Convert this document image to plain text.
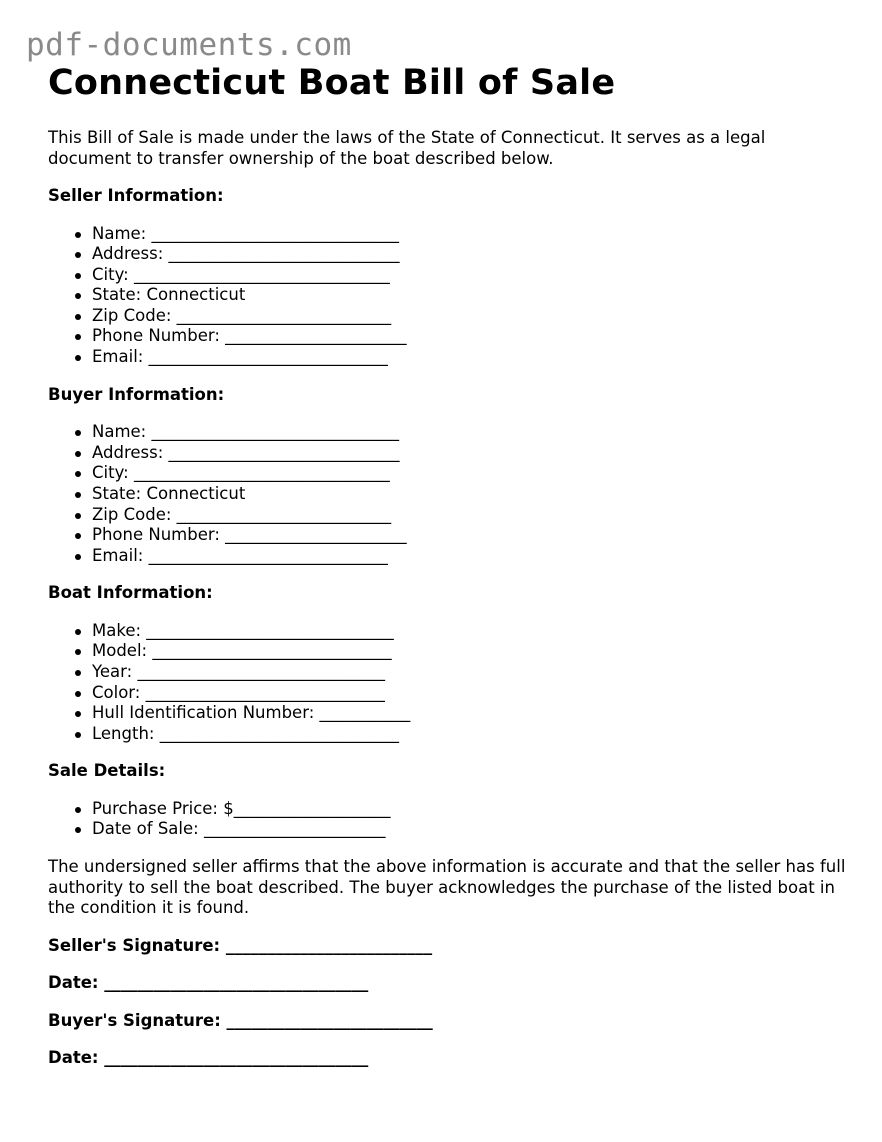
pdf-documents.com
Connecticut Boat Bill of Sale

This Bill of Sale is made under the laws of the State of Connecticut. It serves as a legal document to transfer ownership of the boat described below.

Seller Information:
Name: ______________________________
Address: ____________________________
City: _______________________________
State: Connecticut
Zip Code: __________________________
Phone Number: ______________________
Email: _____________________________
Buyer Information:
Name: ______________________________
Address: ____________________________
City: _______________________________
State: Connecticut
Zip Code: __________________________
Phone Number: ______________________
Email: _____________________________
Boat Information:
Make: ______________________________
Model: _____________________________
Year: ______________________________
Color: _____________________________
Hull Identification Number: ___________
Length: _____________________________
Sale Details:
Purchase Price: $___________________
Date of Sale: ______________________

The undersigned seller affirms that the above information is accurate and that the seller has full authority to sell the boat described. The buyer acknowledges the purchase of the listed boat in the condition it is found.

Seller's Signature: _________________________

Date: ________________________________

Buyer's Signature: _________________________

Date: ________________________________
